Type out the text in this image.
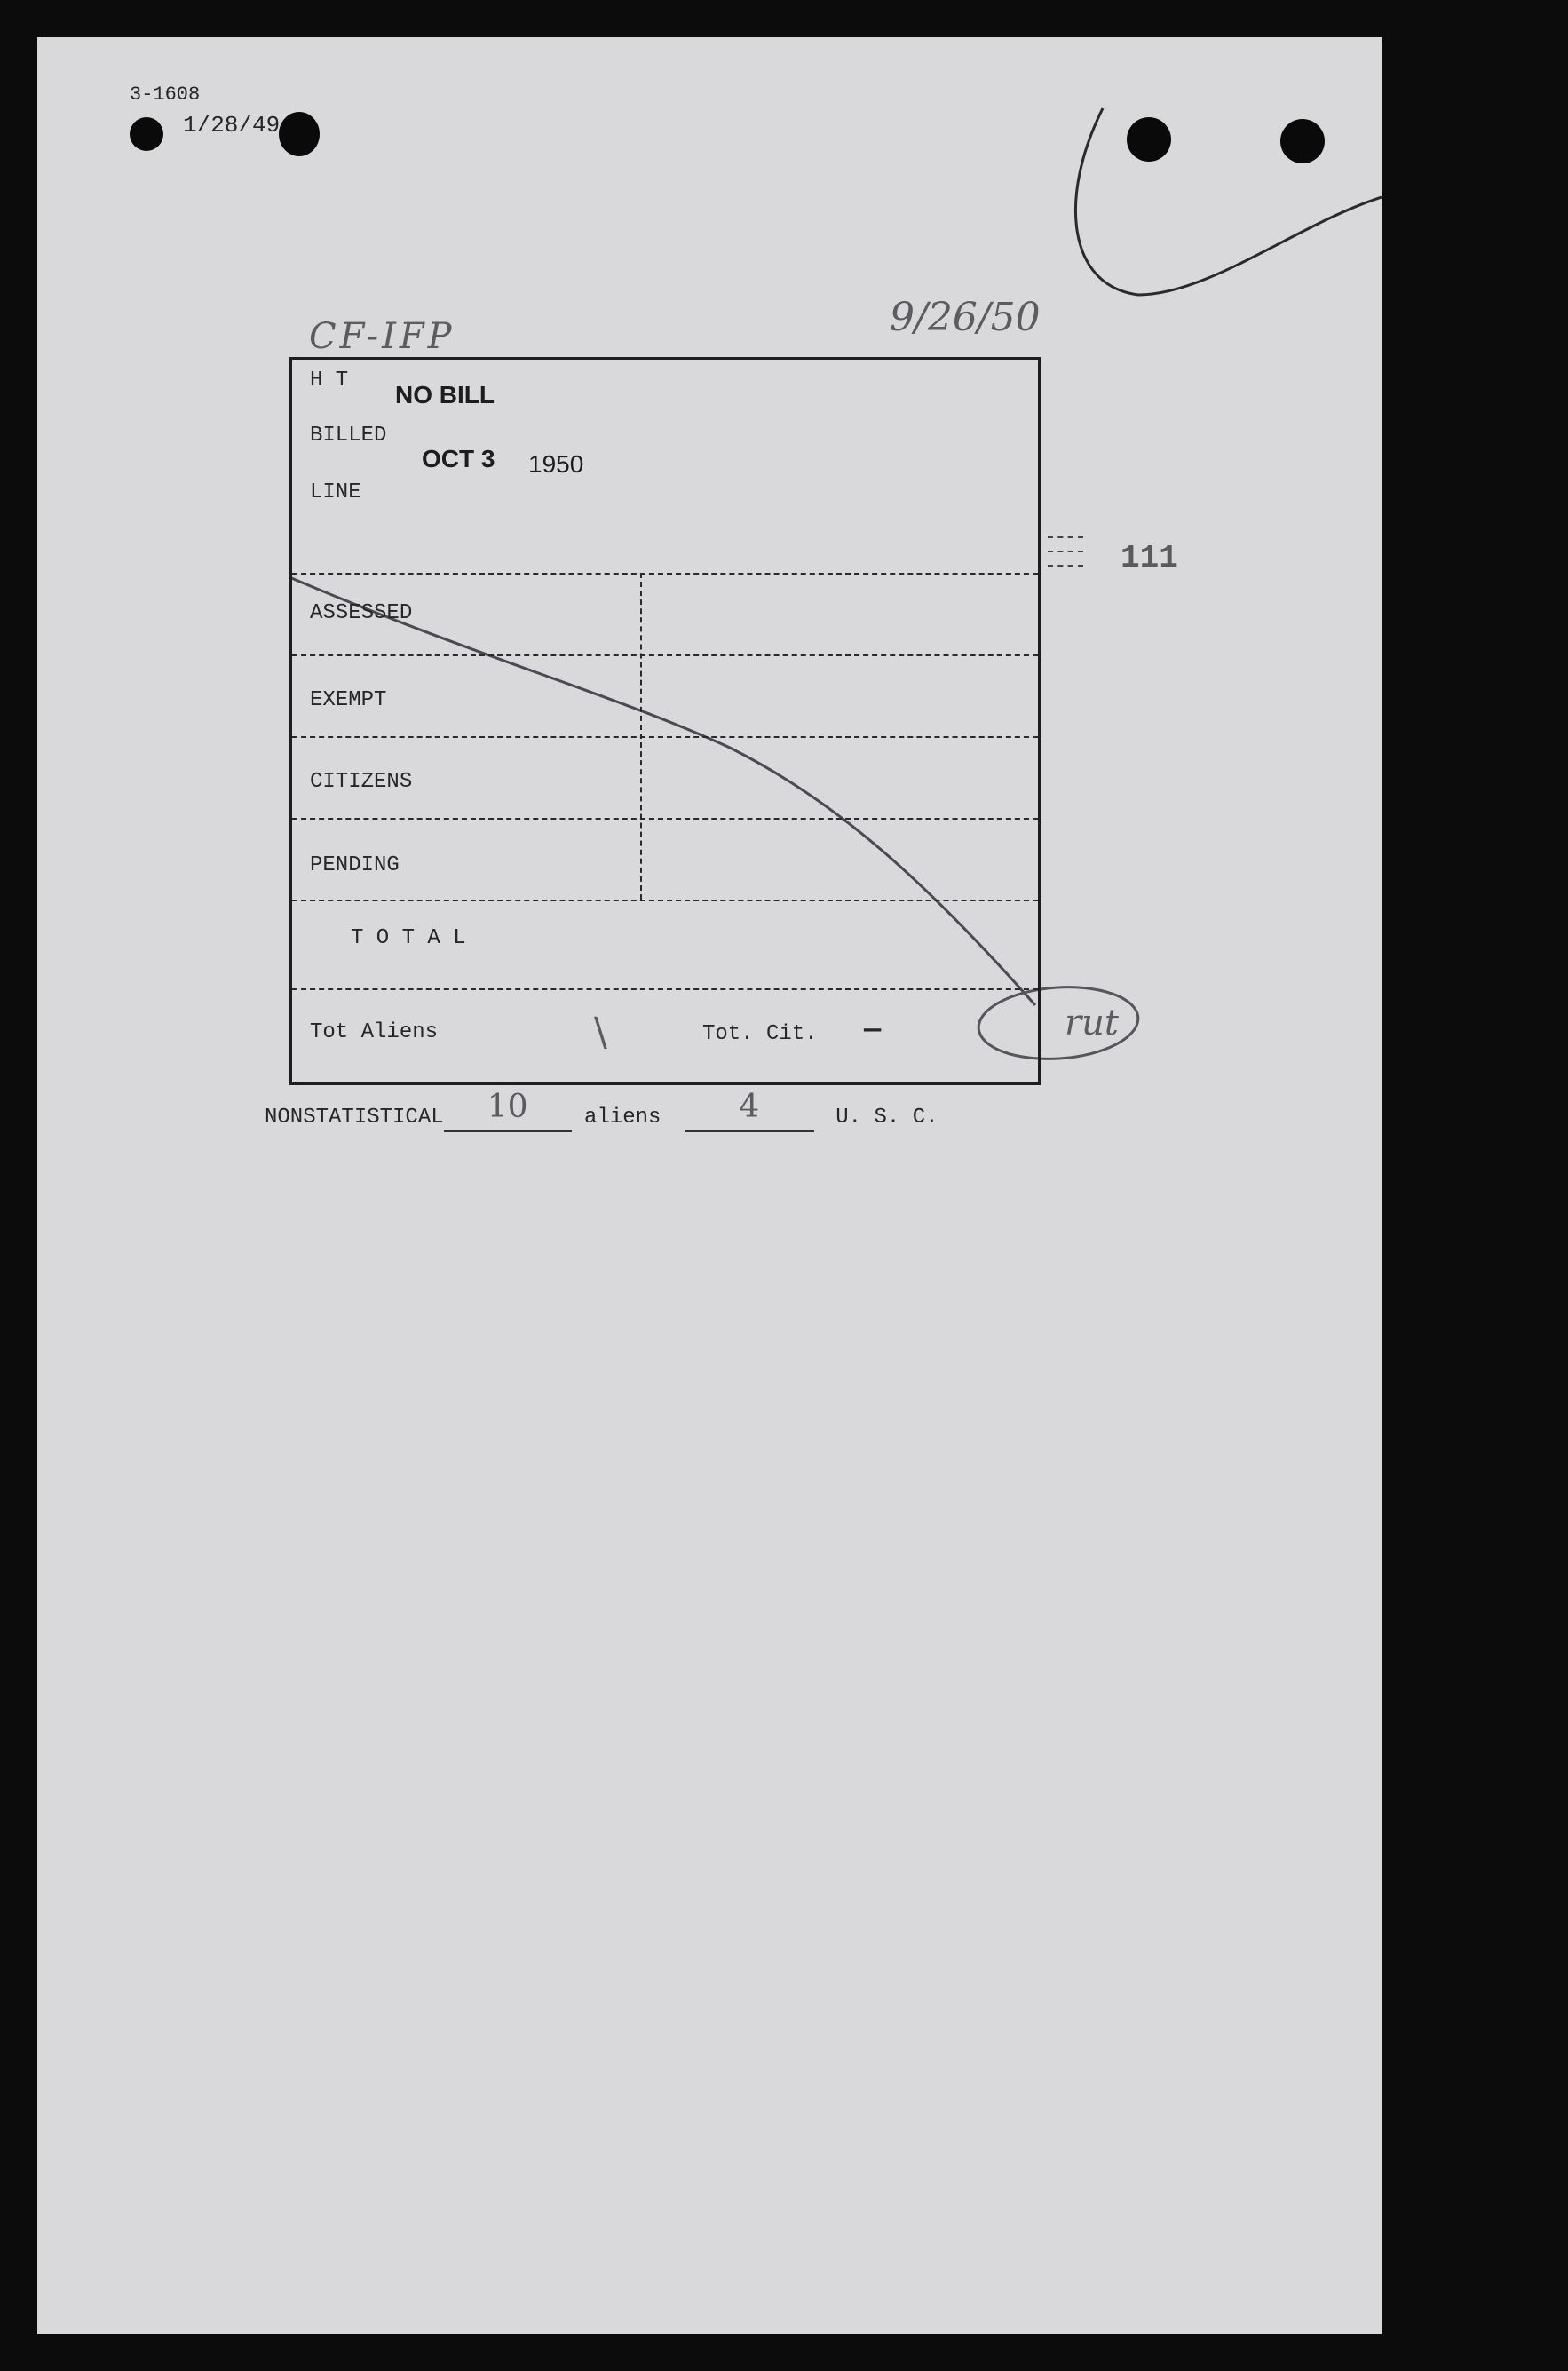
3-1608
1/28/49
CF-IFP	9/26/50
111
H T
NO BILL
BILLED
OCT 3 1950
LINE
ASSESSED
EXEMPT
CITIZENS
PENDING
T O T A L
Tot Aliens	\	Tot. Cit. —	rut
NONSTATISTICAL 10	aliens 4	U. S. C.
